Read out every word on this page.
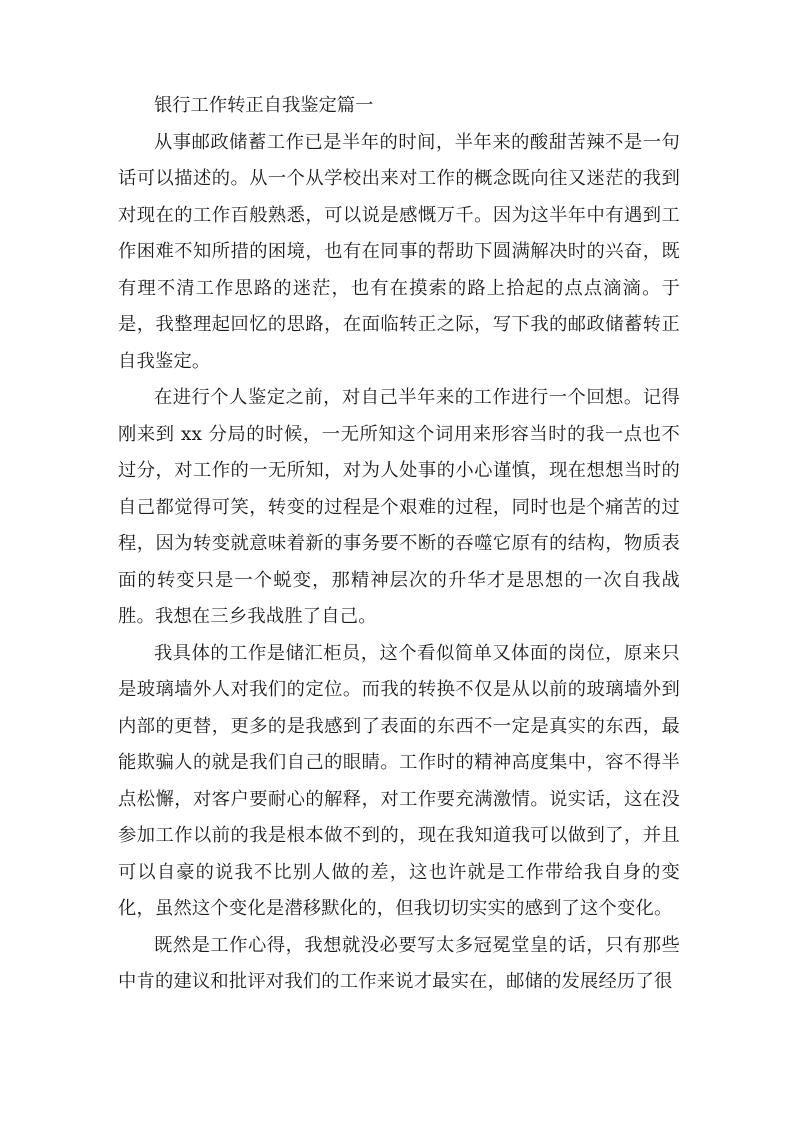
银行工作转正自我鉴定篇一

从事邮政储蓄工作已是半年的时间，半年来的酸甜苦辣不是一句话可以描述的。从一个从学校出来对工作的概念既向往又迷茫的我到对现在的工作百般熟悉，可以说是感慨万千。因为这半年中有遇到工作困难不知所措的困境，也有在同事的帮助下圆满解决时的兴奋，既有理不清工作思路的迷茫，也有在摸索的路上拾起的点点滴滴。于是，我整理起回忆的思路，在面临转正之际，写下我的邮政储蓄转正自我鉴定。

在进行个人鉴定之前，对自己半年来的工作进行一个回想。记得刚来到 xx 分局的时候，一无所知这个词用来形容当时的我一点也不过分，对工作的一无所知，对为人处事的小心谨慎，现在想想当时的自己都觉得可笑，转变的过程是个艰难的过程，同时也是个痛苦的过程，因为转变就意味着新的事务要不断的吞噬它原有的结构，物质表面的转变只是一个蜕变，那精神层次的升华才是思想的一次自我战胜。我想在三乡我战胜了自己。

我具体的工作是储汇柜员，这个看似简单又体面的岗位，原来只是玻璃墙外人对我们的定位。而我的转换不仅是从以前的玻璃墙外到内部的更替，更多的是我感到了表面的东西不一定是真实的东西，最能欺骗人的就是我们自己的眼睛。工作时的精神高度集中，容不得半点松懈，对客户要耐心的解释，对工作要充满激情。说实话，这在没参加工作以前的我是根本做不到的，现在我知道我可以做到了，并且可以自豪的说我不比别人做的差，这也许就是工作带给我自身的变化，虽然这个变化是潜移默化的，但我切切实实的感到了这个变化。

既然是工作心得，我想就没必要写太多冠冕堂皇的话，只有那些中肯的建议和批评对我们的工作来说才最实在，邮储的发展经历了很
